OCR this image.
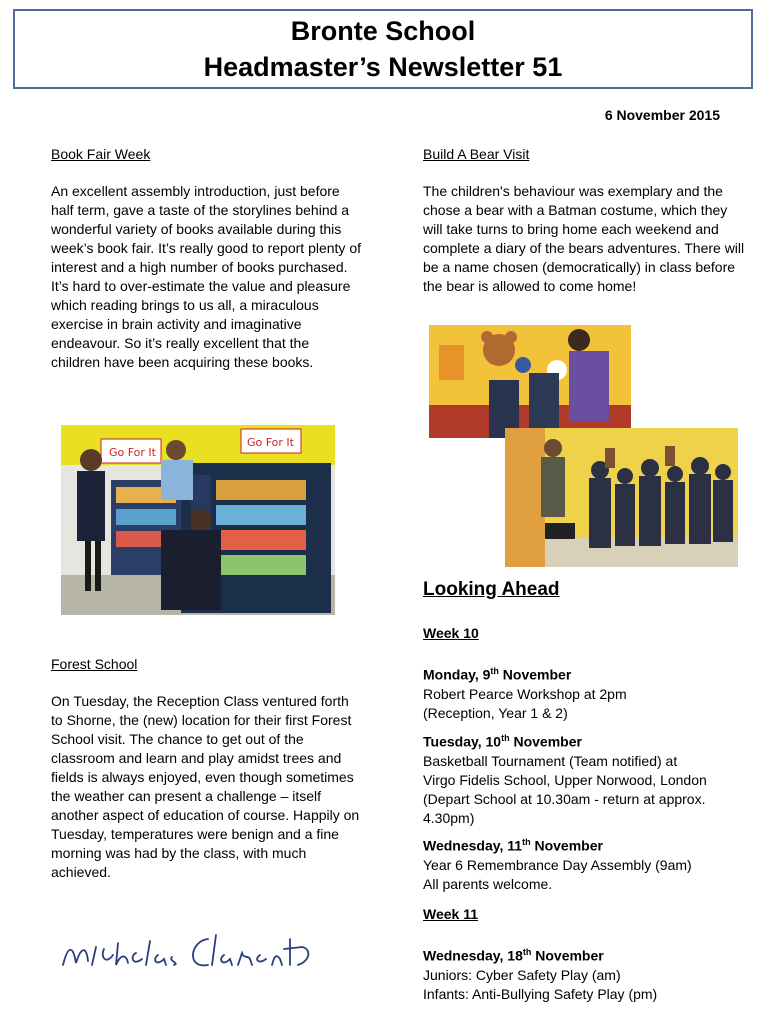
Bronte School
Headmaster’s Newsletter 51
6 November 2015

Book Fair Week

An excellent assembly introduction, just before half term, gave a taste of the storylines behind a wonderful variety of books available during this week’s book fair. It’s really good to report plenty of interest and a high number of books purchased. It’s hard to over-estimate the value and pleasure which reading brings to us all, a miraculous exercise in brain activity and imaginative endeavour. So it’s really excellent that the children have been acquiring these books.

Go For It
Go For It

Forest School

On Tuesday, the Reception Class ventured forth to Shorne, the (new) location for their first Forest School visit. The chance to get out of the classroom and learn and play amidst trees and fields is always enjoyed, even though sometimes the weather can present a challenge – itself another aspect of education of course. Happily on Tuesday, temperatures were benign and a fine morning was had by the class, with much achieved.

Build A Bear Visit

The children's behaviour was exemplary and the chose a bear with a Batman costume, which they will take turns to bring home each weekend and complete a diary of the bears adventures. There will be a name chosen (democratically) in class before the bear is allowed to come home!

Looking Ahead
Week 10
Monday, 9th November
Robert Pearce Workshop at 2pm
(Reception, Year 1 & 2)
Tuesday, 10th November
Basketball Tournament (Team notified) at
Virgo Fidelis School, Upper Norwood, London
(Depart School at 10.30am - return at approx.
4.30pm)
Wednesday, 11th November
Year 6 Remembrance Day Assembly (9am)
All parents welcome.
Week 11
Wednesday, 18th November
Juniors: Cyber Safety Play (am)
Infants: Anti-Bullying Safety Play (pm)
